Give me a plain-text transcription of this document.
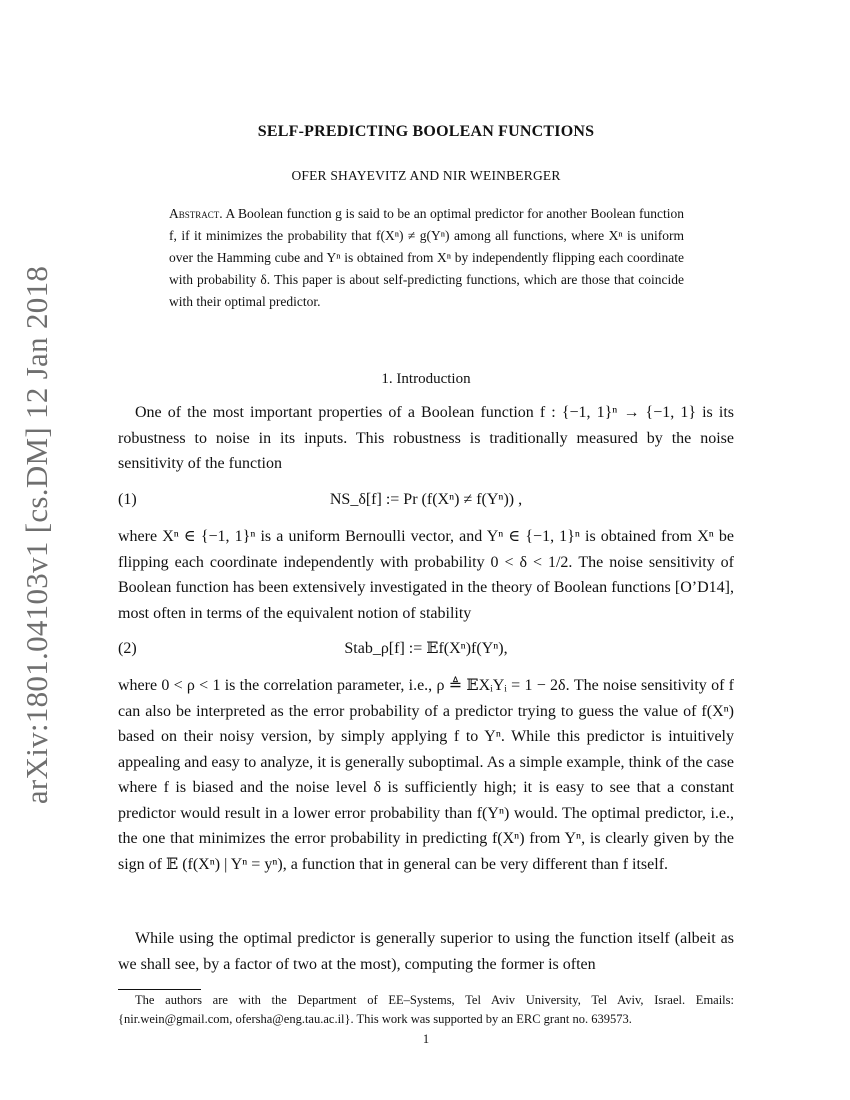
arXiv:1801.04103v1 [cs.DM] 12 Jan 2018
SELF-PREDICTING BOOLEAN FUNCTIONS
OFER SHAYEVITZ AND NIR WEINBERGER
Abstract. A Boolean function g is said to be an optimal predictor for another Boolean function f, if it minimizes the probability that f(Xⁿ) ≠ g(Yⁿ) among all functions, where Xⁿ is uniform over the Hamming cube and Yⁿ is obtained from Xⁿ by independently flipping each coordinate with probability δ. This paper is about self-predicting functions, which are those that coincide with their optimal predictor.
1. Introduction
One of the most important properties of a Boolean function f : {−1, 1}ⁿ → {−1, 1} is its robustness to noise in its inputs. This robustness is traditionally measured by the noise sensitivity of the function
(1)	NS_δ[f] := Pr (f(Xⁿ) ≠ f(Yⁿ)) ,
where Xⁿ ∈ {−1, 1}ⁿ is a uniform Bernoulli vector, and Yⁿ ∈ {−1, 1}ⁿ is obtained from Xⁿ be flipping each coordinate independently with probability 0 < δ < 1/2. The noise sensitivity of Boolean function has been extensively investigated in the theory of Boolean functions [O’D14], most often in terms of the equivalent notion of stability
(2)	Stab_ρ[f] := 𝔼f(Xⁿ)f(Yⁿ),
where 0 < ρ < 1 is the correlation parameter, i.e., ρ ≜ 𝔼XᵢYᵢ = 1 − 2δ. The noise sensitivity of f can also be interpreted as the error probability of a predictor trying to guess the value of f(Xⁿ) based on their noisy version, by simply applying f to Yⁿ. While this predictor is intuitively appealing and easy to analyze, it is generally suboptimal. As a simple example, think of the case where f is biased and the noise level δ is sufficiently high; it is easy to see that a constant predictor would result in a lower error probability than f(Yⁿ) would. The optimal predictor, i.e., the one that minimizes the error probability in predicting f(Xⁿ) from Yⁿ, is clearly given by the sign of 𝔼 (f(Xⁿ) | Yⁿ = yⁿ), a function that in general can be very different than f itself.
While using the optimal predictor is generally superior to using the function itself (albeit as we shall see, by a factor of two at the most), computing the former is often
The authors are with the Department of EE–Systems, Tel Aviv University, Tel Aviv, Israel. Emails: {nir.wein@gmail.com, ofersha@eng.tau.ac.il}. This work was supported by an ERC grant no. 639573.
1
